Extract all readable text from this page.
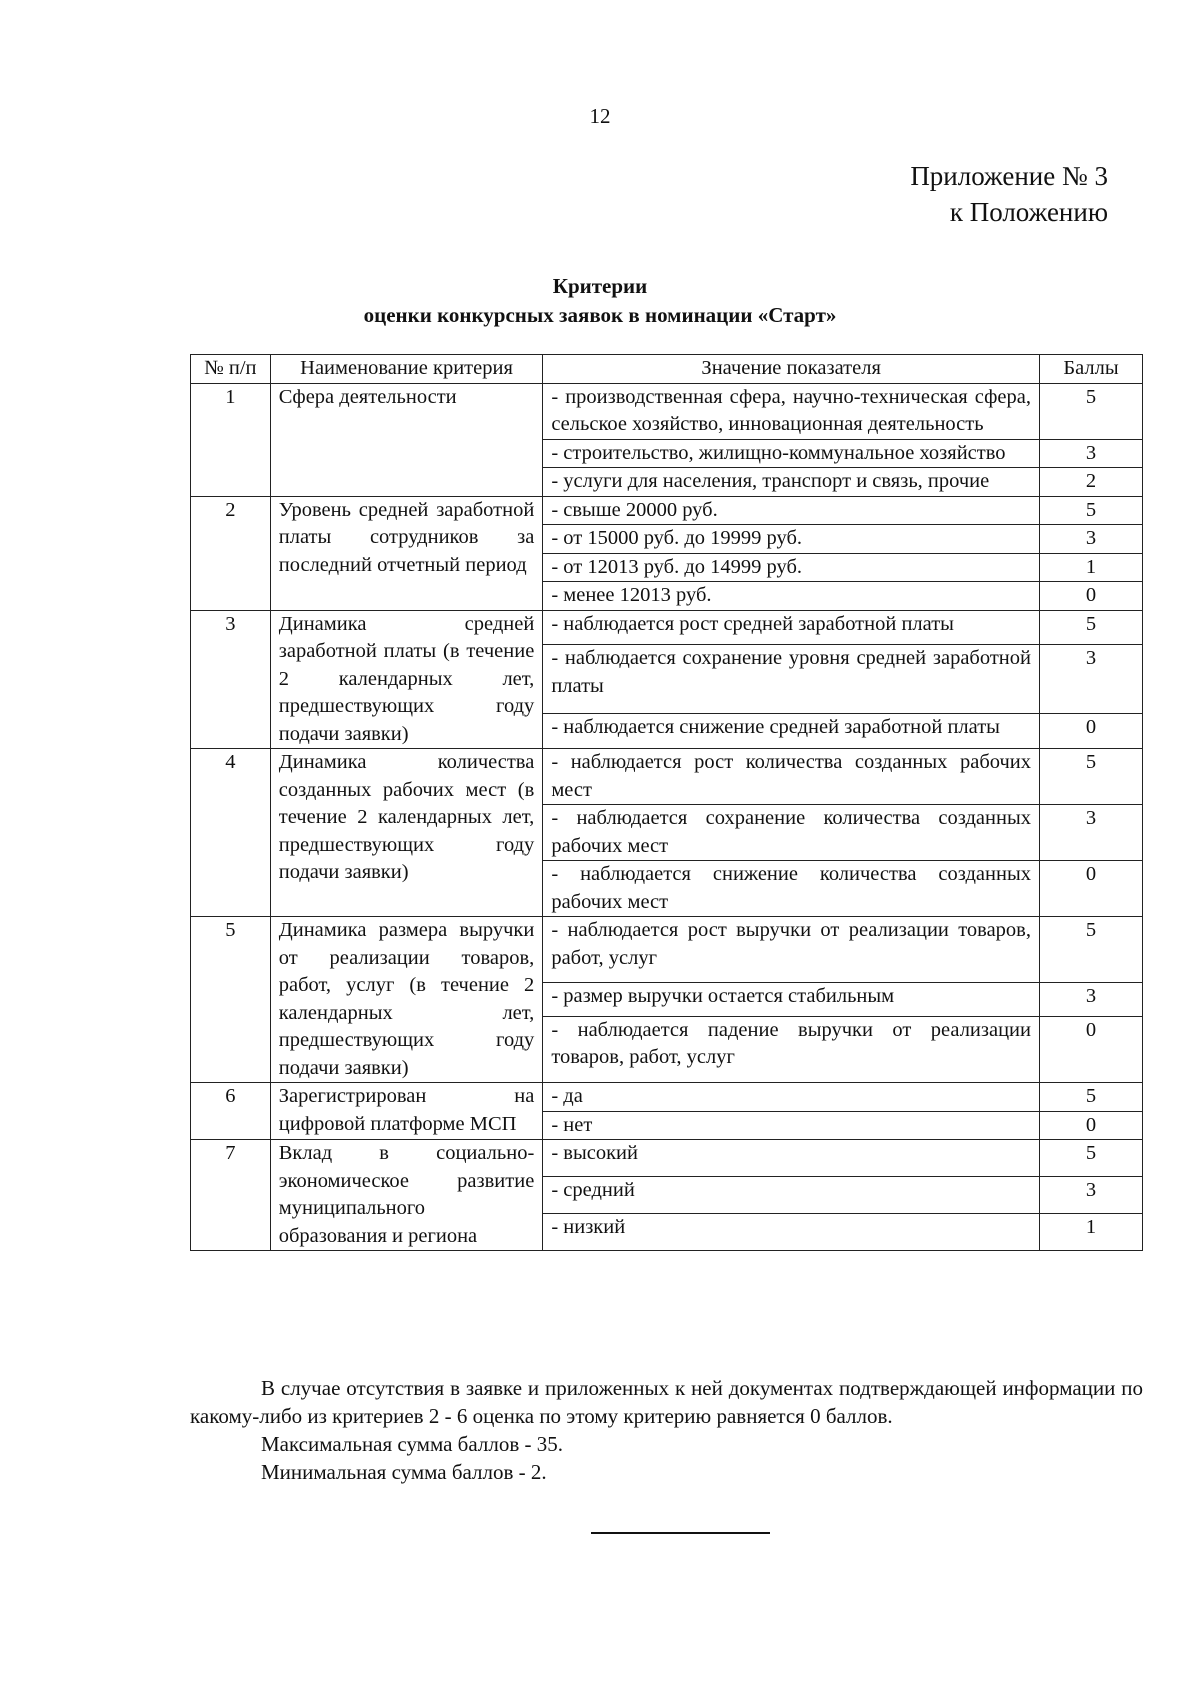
12
Приложение № 3
к Положению
Критерии
оценки конкурсных заявок в номинации «Старт»
№ п/п	Наименование критерия	Значение показателя	Баллы
1	Сфера деятельности	- производственная сфера, научно-техническая сфера, сельское хозяйство, инновационная деятельность	5
		- строительство, жилищно-коммунальное хозяйство	3
		- услуги для населения, транспорт и связь, прочие	2
2	Уровень средней заработной платы сотрудников за последний отчетный период	- свыше 20000 руб.	5
		- от 15000 руб. до 19999 руб.	3
		- от 12013 руб. до 14999 руб.	1
		- менее 12013 руб.	0
3	Динамика средней заработной платы (в течение 2 календарных лет, предшествующих году подачи заявки)	- наблюдается рост средней заработной платы	5
		- наблюдается сохранение уровня средней заработной платы	3
		- наблюдается снижение средней заработной платы	0
4	Динамика количества созданных рабочих мест (в течение 2 календарных лет, предшествующих году подачи заявки)	- наблюдается рост количества созданных рабочих мест	5
		- наблюдается сохранение количества созданных рабочих мест	3
		- наблюдается снижение количества созданных рабочих мест	0
5	Динамика размера выручки от реализации товаров, работ, услуг (в течение 2 календарных лет, предшествующих году подачи заявки)	- наблюдается рост выручки от реализации товаров, работ, услуг	5
		- размер выручки остается стабильным	3
		- наблюдается падение выручки от реализации товаров, работ, услуг	0
6	Зарегистрирован на цифровой платформе МСП	- да	5
		- нет	0
7	Вклад в социально-экономическое развитие муниципального образования и региона	- высокий	5
		- средний	3
		- низкий	1

В случае отсутствия в заявке и приложенных к ней документах подтверждающей информации по какому-либо из критериев 2 - 6 оценка по этому критерию равняется 0 баллов.

Максимальная сумма баллов - 35.

Минимальная сумма баллов - 2.
